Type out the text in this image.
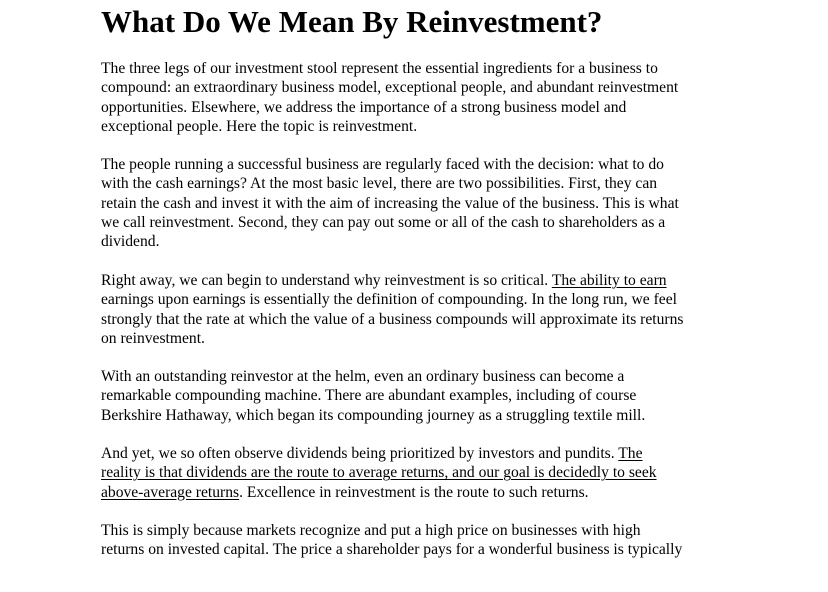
What Do We Mean By Reinvestment?
The three legs of our investment stool represent the essential ingredients for a business to
compound: an extraordinary business model, exceptional people, and abundant reinvestment
opportunities. Elsewhere, we address the importance of a strong business model and
exceptional people. Here the topic is reinvestment.
The people running a successful business are regularly faced with the decision: what to do
with the cash earnings? At the most basic level, there are two possibilities. First, they can
retain the cash and invest it with the aim of increasing the value of the business. This is what
we call reinvestment. Second, they can pay out some or all of the cash to shareholders as a
dividend.
Right away, we can begin to understand why reinvestment is so critical. The ability to earn
earnings upon earnings is essentially the definition of compounding. In the long run, we feel
strongly that the rate at which the value of a business compounds will approximate its returns
on reinvestment.
With an outstanding reinvestor at the helm, even an ordinary business can become a
remarkable compounding machine. There are abundant examples, including of course
Berkshire Hathaway, which began its compounding journey as a struggling textile mill.
And yet, we so often observe dividends being prioritized by investors and pundits. The
reality is that dividends are the route to average returns, and our goal is decidedly to seek
above-average returns. Excellence in reinvestment is the route to such returns.
This is simply because markets recognize and put a high price on businesses with high
returns on invested capital. The price a shareholder pays for a wonderful business is typically
